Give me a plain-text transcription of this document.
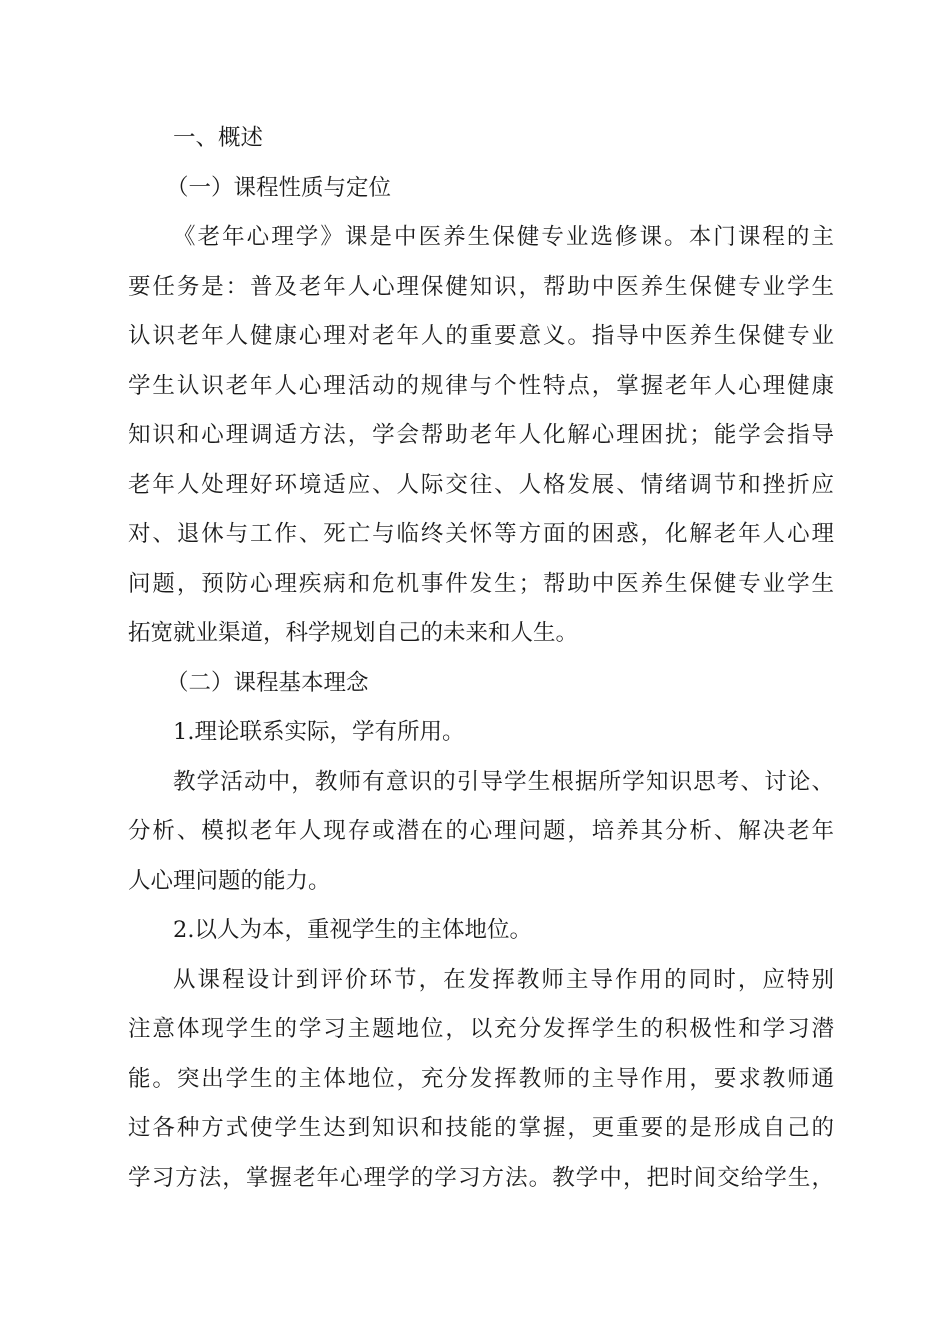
一、概述

（一）课程性质与定位

《老年心理学》课是中医养生保健专业选修课。本门课程的主

要任务是：普及老年人心理保健知识，帮助中医养生保健专业学生

认识老年人健康心理对老年人的重要意义。指导中医养生保健专业

学生认识老年人心理活动的规律与个性特点，掌握老年人心理健康

知识和心理调适方法，学会帮助老年人化解心理困扰；能学会指导

老年人处理好环境适应、人际交往、人格发展、情绪调节和挫折应

对、退休与工作、死亡与临终关怀等方面的困惑，化解老年人心理

问题，预防心理疾病和危机事件发生；帮助中医养生保健专业学生

拓宽就业渠道，科学规划自己的未来和人生。

（二）课程基本理念

1.理论联系实际，学有所用。

教学活动中，教师有意识的引导学生根据所学知识思考、讨论、

分析、模拟老年人现存或潜在的心理问题，培养其分析、解决老年

人心理问题的能力。

2.以人为本，重视学生的主体地位。

从课程设计到评价环节，在发挥教师主导作用的同时，应特别

注意体现学生的学习主题地位，以充分发挥学生的积极性和学习潜

能。突出学生的主体地位，充分发挥教师的主导作用，要求教师通

过各种方式使学生达到知识和技能的掌握，更重要的是形成自己的

学习方法，掌握老年心理学的学习方法。教学中，把时间交给学生，
